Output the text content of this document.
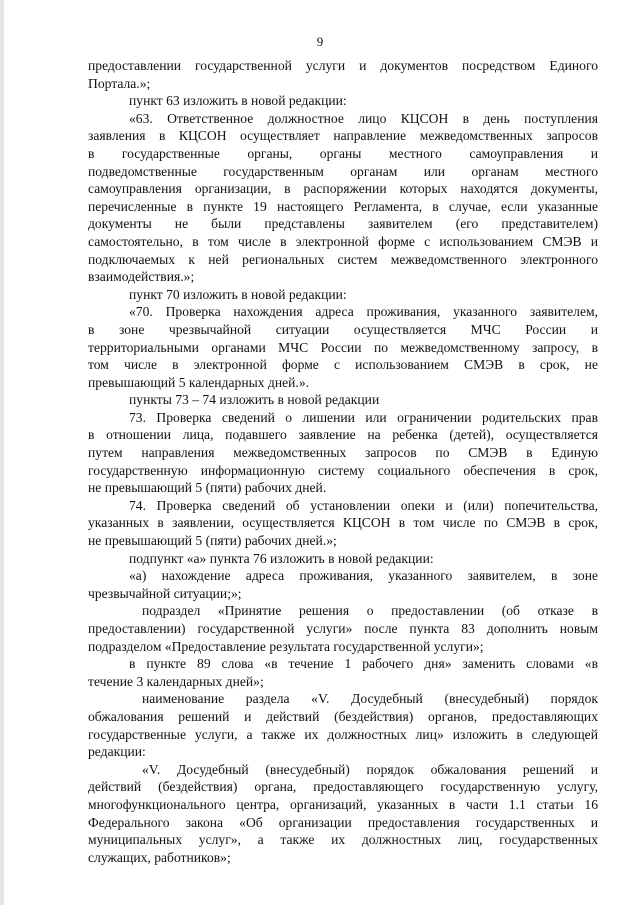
9
предоставлении государственной услуги и документов посредством Единого
Портала.»;
пункт 63 изложить в новой редакции:
«63. Ответственное должностное лицо КЦСОН в день поступления
заявления в КЦСОН осуществляет направление межведомственных запросов
в государственные органы, органы местного самоуправления и
подведомственные государственным органам или органам местного
самоуправления организации, в распоряжении которых находятся документы,
перечисленные в пункте 19 настоящего Регламента, в случае, если указанные
документы не были представлены заявителем (его представителем)
самостоятельно, в том числе в электронной форме с использованием СМЭВ и
подключаемых к ней региональных систем межведомственного электронного
взаимодействия.»;
пункт 70 изложить в новой редакции:
«70. Проверка нахождения адреса проживания, указанного заявителем,
в зоне чрезвычайной ситуации осуществляется МЧС России и
территориальными органами МЧС России по межведомственному запросу, в
том числе в электронной форме с использованием СМЭВ в срок, не
превышающий 5 календарных дней.».
пункты 73 – 74 изложить в новой редакции
73. Проверка сведений о лишении или ограничении родительских прав
в отношении лица, подавшего заявление на ребенка (детей), осуществляется
путем направления межведомственных запросов по СМЭВ в Единую
государственную информационную систему социального обеспечения в срок,
не превышающий 5 (пяти) рабочих дней.
74. Проверка сведений об установлении опеки и (или) попечительства,
указанных в заявлении, осуществляется КЦСОН в том числе по СМЭВ в срок,
не превышающий 5 (пяти) рабочих дней.»;
подпункт «а» пункта 76 изложить в новой редакции:
«а) нахождение адреса проживания, указанного заявителем, в зоне
чрезвычайной ситуации;»;
подраздел «Принятие решения о предоставлении (об отказе в
предоставлении) государственной услуги» после пункта 83 дополнить новым
подразделом «Предоставление результата государственной услуги»;
в пункте 89 слова «в течение 1 рабочего дня» заменить словами «в
течение 3 календарных дней»;
наименование раздела «V. Досудебный (внесудебный) порядок
обжалования решений и действий (бездействия) органов, предоставляющих
государственные услуги, а также их должностных лиц» изложить в следующей
редакции:
«V. Досудебный (внесудебный) порядок обжалования решений и
действий (бездействия) органа, предоставляющего государственную услугу,
многофункционального центра, организаций, указанных в части 1.1 статьи 16
Федерального закона «Об организации предоставления государственных и
муниципальных услуг», а также их должностных лиц, государственных
служащих, работников»;
